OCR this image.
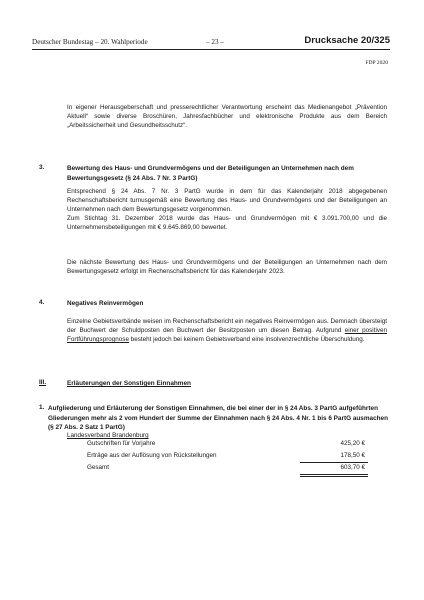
Deutscher Bundestag – 20. Wahlperiode	– 23 –	Drucksache 20/325
FDP 2020
In eigener Herausgeberschaft und presserechtlicher Verantwortung erscheint das Medienangebot „Prävention Aktuell“ sowie diverse Broschüren, Jahresfachbücher und elektronische Produkte aus dem Bereich „Arbeitssicherheit und Gesundheitsschutz“.
3.	Bewertung des Haus- und Grundvermögens und der Beteiligungen an Unternehmen nach dem Bewertungsgesetz (§ 24 Abs. 7 Nr. 3 PartG)
Entsprechend § 24 Abs. 7 Nr. 3 PartG wurde in dem für das Kalenderjahr 2018 abgegebenen Rechenschaftsbericht turnusgemäß eine Bewertung des Haus- und Grundvermögens und der Beteiligungen an Unternehmen nach dem Bewertungsgesetz vorgenommen.
Zum Stichtag 31. Dezember 2018 wurde das Haus- und Grundvermögen mit € 3.091.700,00 und die Unternehmensbeteiligungen mit € 9.645.869,00 bewertet.
Die nächste Bewertung des Haus- und Grundvermögens und der Beteiligungen an Unternehmen nach dem Bewertungsgesetz erfolgt im Rechenschaftsbericht für das Kalenderjahr 2023.
4.	Negatives Reinvermögen
Einzelne Gebietsverbände weisen im Rechenschaftsbericht ein negatives Reinvermögen aus. Demnach übersteigt der Buchwert der Schuldposten den Buchwert der Besitzposten um diesen Betrag. Aufgrund einer positiven Fortführungsprognose besteht jedoch bei keinem Gebietsverband eine insolvenzrechtliche Überschuldung.
III.	Erläuterungen der Sonstigen Einnahmen
1. Aufgliederung und Erläuterung der Sonstigen Einnahmen, die bei einer der in § 24 Abs. 3 PartG aufgeführten Gliederungen mehr als 2 vom Hundert der Summe der Einnahmen nach § 24 Abs. 4 Nr. 1 bis 6 PartG ausmachen (§ 27 Abs. 2 Satz 1 PartG)
Landesverband Brandenburg
Gutschriften für Vorjahre	425,20 €
Erträge aus der Auflösung von Rückstellungen	178,50 €
Gesamt	603,70 €
